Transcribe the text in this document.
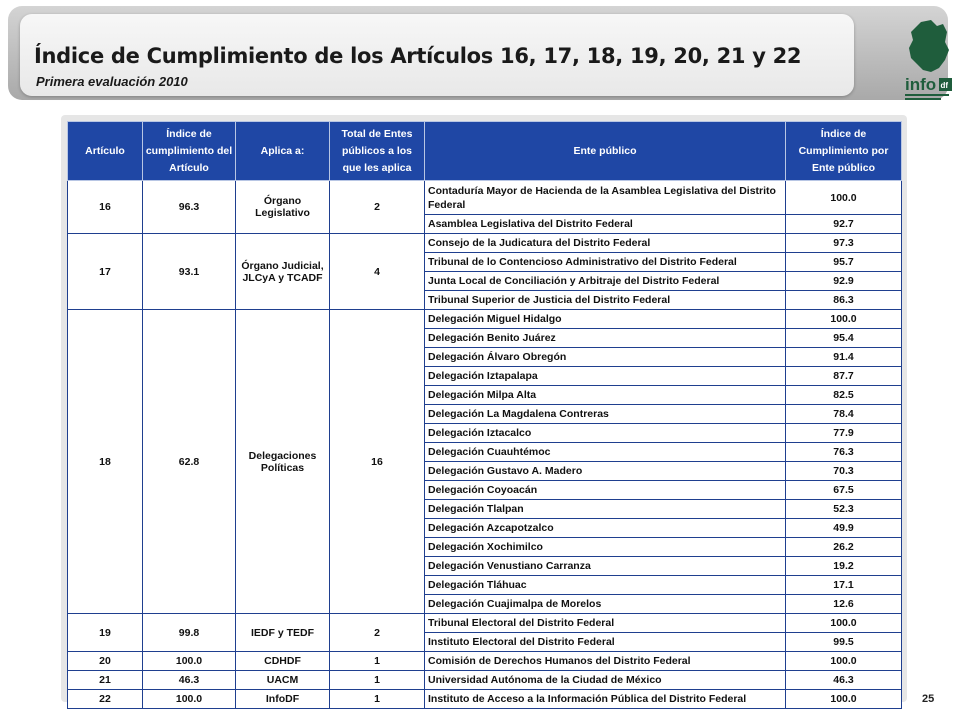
Índice de Cumplimiento de los Artículos 16, 17, 18, 19, 20, 21 y 22
Primera evaluación 2010	info df
Artículo	Índice de cumplimiento del Artículo	Aplica a:	Total de Entes públicos a los que les aplica	Ente público	Índice de Cumplimiento por Ente público
16	96.3	Órgano Legislativo	2	Contaduría Mayor de Hacienda de la Asamblea Legislativa del Distrito Federal	100.0
				Asamblea Legislativa del Distrito Federal	92.7
17	93.1	Órgano Judicial, JLCyA y TCADF	4	Consejo de la Judicatura del Distrito Federal	97.3
				Tribunal de lo Contencioso Administrativo del Distrito Federal	95.7
				Junta Local de Conciliación y Arbitraje del Distrito Federal	92.9
				Tribunal Superior de Justicia del Distrito Federal	86.3
18	62.8	Delegaciones Políticas	16	Delegación Miguel Hidalgo	100.0
				Delegación Benito Juárez	95.4
				Delegación Álvaro Obregón	91.4
				Delegación Iztapalapa	87.7
				Delegación Milpa Alta	82.5
				Delegación La Magdalena Contreras	78.4
				Delegación Iztacalco	77.9
				Delegación Cuauhtémoc	76.3
				Delegación Gustavo A. Madero	70.3
				Delegación Coyoacán	67.5
				Delegación Tlalpan	52.3
				Delegación Azcapotzalco	49.9
				Delegación Xochimilco	26.2
				Delegación Venustiano Carranza	19.2
				Delegación Tláhuac	17.1
				Delegación Cuajimalpa de Morelos	12.6
19	99.8	IEDF y TEDF	2	Tribunal Electoral del Distrito Federal	100.0
				Instituto Electoral del Distrito Federal	99.5
20	100.0	CDHDF	1	Comisión de Derechos Humanos del Distrito Federal	100.0
21	46.3	UACM	1	Universidad Autónoma de la Ciudad de México	46.3
22	100.0	InfoDF	1	Instituto de Acceso a la Información Pública del Distrito Federal	100.0	25
